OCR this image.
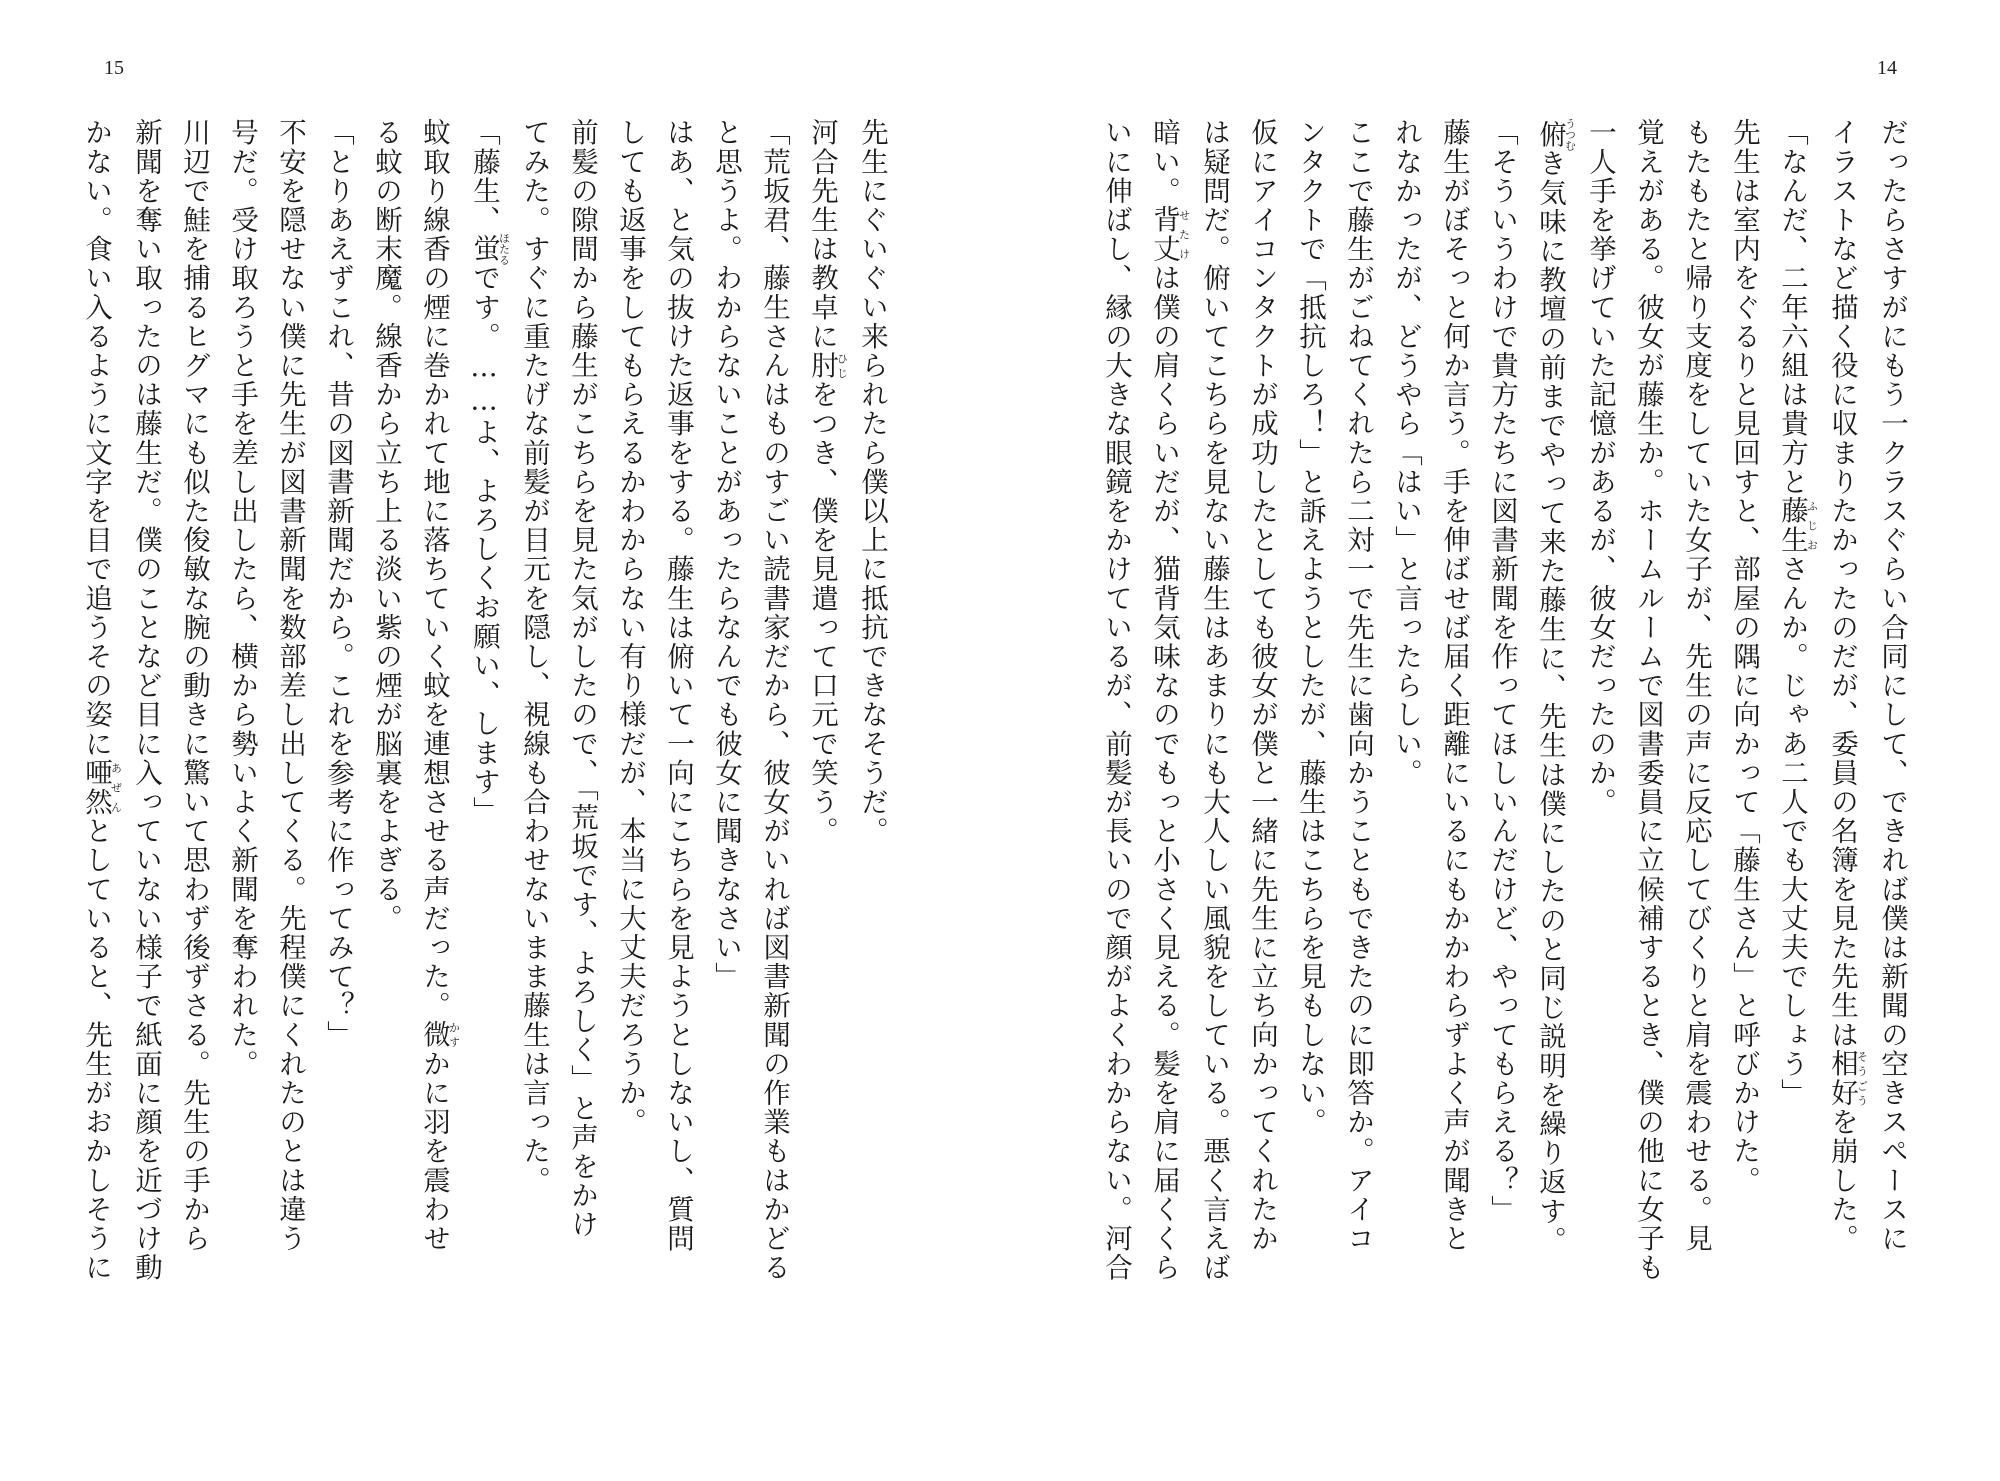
15	14
だったらさすがにもう一クラスぐらい合同にして、できれば僕は新聞の空きスペースに
イラストなど描く役に収まりたかったのだが、委員の名簿を見た先生は相好そうごうを崩した。
「なんだ、二年六組は貴方と藤生ふじおさんか。じゃあ二人でも大丈夫でしょう」
先生は室内をぐるりと見回すと、部屋の隅に向かって「藤生さん」と呼びかけた。
もたもたと帰り支度をしていた女子が、先生の声に反応してびくりと肩を震わせる。見
覚えがある。彼女が藤生か。ホームルームで図書委員に立候補するとき、僕の他に女子も
一人手を挙げていた記憶があるが、彼女だったのか。
俯うつむき気味に教壇の前までやって来た藤生に、先生は僕にしたのと同じ説明を繰り返す。
「そういうわけで貴方たちに図書新聞を作ってほしいんだけど、やってもらえる？」
藤生がぼそっと何か言う。手を伸ばせば届く距離にいるにもかかわらずよく声が聞きと
れなかったが、どうやら「はい」と言ったらしい。
ここで藤生がごねてくれたら二対一で先生に歯向かうこともできたのに即答か。アイコ
ンタクトで「抵抗しろ！」と訴えようとしたが、藤生はこちらを見もしない。
仮にアイコンタクトが成功したとしても彼女が僕と一緒に先生に立ち向かってくれたか
は疑問だ。俯いてこちらを見ない藤生はあまりにも大人しい風貌をしている。悪く言えば
暗い。背丈せたけは僕の肩くらいだが、猫背気味なのでもっと小さく見える。髪を肩に届くくら
いに伸ばし、縁の大きな眼鏡をかけているが、前髪が長いので顔がよくわからない。河合
先生にぐいぐい来られたら僕以上に抵抗できなそうだ。
河合先生は教卓に肘ひじをつき、僕を見遣って口元で笑う。
「荒坂君、藤生さんはものすごい読書家だから、彼女がいれば図書新聞の作業もはかどる
と思うよ。わからないことがあったらなんでも彼女に聞きなさい」
はあ、と気の抜けた返事をする。藤生は俯いて一向にこちらを見ようとしないし、質問
しても返事をしてもらえるかわからない有り様だが、本当に大丈夫だろうか。
前髪の隙間から藤生がこちらを見た気がしたので、「荒坂です、よろしく」と声をかけ
てみた。すぐに重たげな前髪が目元を隠し、視線も合わせないまま藤生は言った。
「藤生、蛍ほたるです。……よ、よろしくお願い、します」
蚊取り線香の煙に巻かれて地に落ちていく蚊を連想させる声だった。微かすかに羽を震わせ
る蚊の断末魔。線香から立ち上る淡い紫の煙が脳裏をよぎる。
「とりあえずこれ、昔の図書新聞だから。これを参考に作ってみて？」
不安を隠せない僕に先生が図書新聞を数部差し出してくる。先程僕にくれたのとは違う
号だ。受け取ろうと手を差し出したら、横から勢いよく新聞を奪われた。
川辺で鮭を捕るヒグマにも似た俊敏な腕の動きに驚いて思わず後ずさる。先生の手から
新聞を奪い取ったのは藤生だ。僕のことなど目に入っていない様子で紙面に顔を近づけ動
かない。食い入るように文字を目で追うその姿に唖然あぜんとしていると、先生がおかしそうに
